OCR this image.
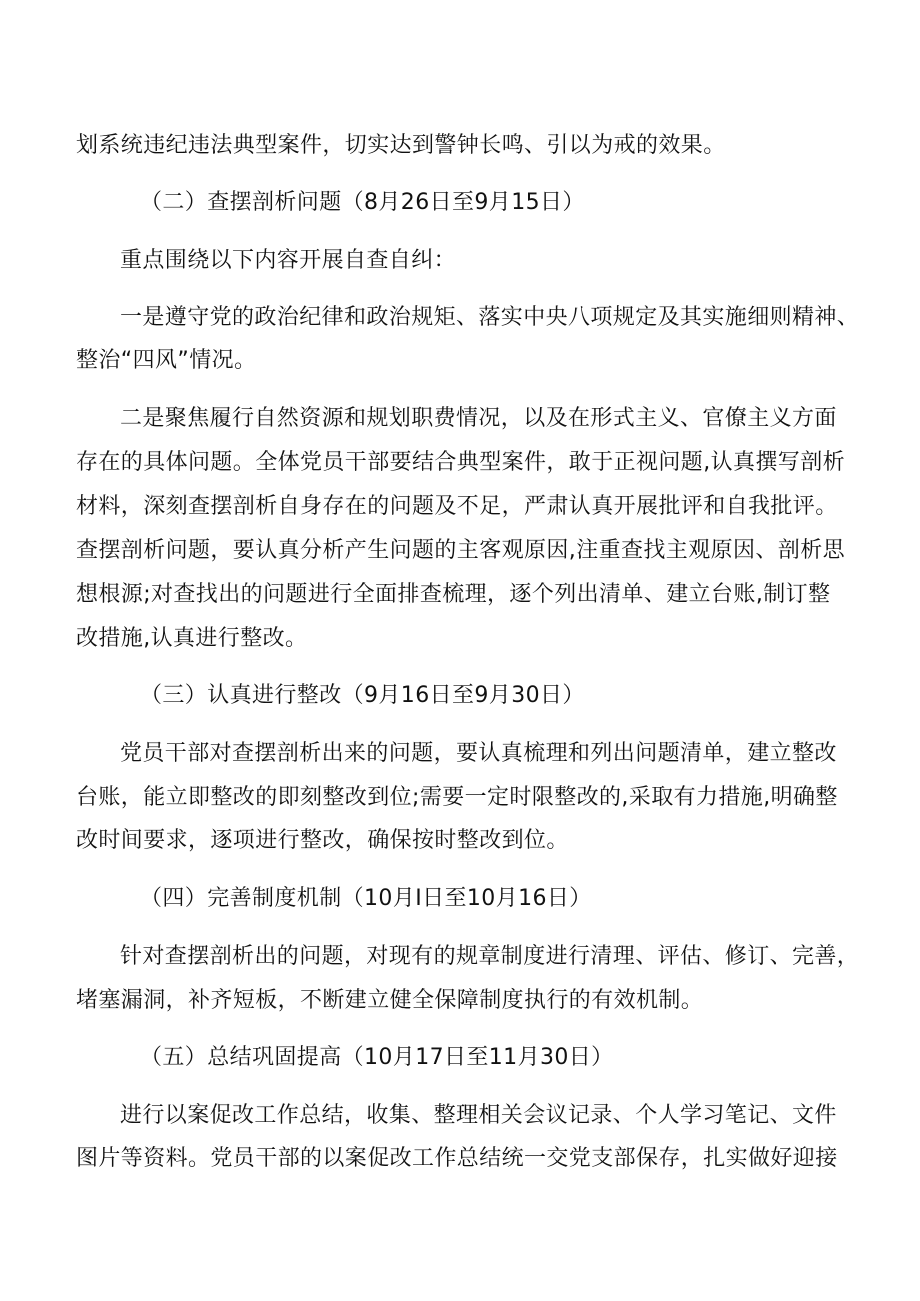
划系统违纪违法典型案件，切实达到警钟长鸣、引以为戒的效果。
（二）查摆剖析问题（8月26日至9月15日）
重点围绕以下内容开展自查自纠：
一是遵守党的政治纪律和政治规矩、落实中央八项规定及其实施细则精神、
整治“四风”情况。
二是聚焦履行自然资源和规划职费情况，以及在形式主义、官僚主义方面
存在的具体问题。全体党员干部要结合典型案件，敢于正视问题,认真撰写剖析
材料，深刻查摆剖析自身存在的问题及不足，严肃认真开展批评和自我批评。
查摆剖析问题，要认真分析产生问题的主客观原因,注重查找主观原因、剖析思
想根源;对查找出的问题进行全面排查梳理，逐个列出清单、建立台账,制订整
改措施,认真进行整改。
（三）认真进行整改（9月16日至9月30日）
党员干部对查摆剖析出来的问题，要认真梳理和列出问题清单，建立整改
台账，能立即整改的即刻整改到位;需要一定时限整改的,采取有力措施,明确整
改时间要求，逐项进行整改，确保按时整改到位。
（四）完善制度机制（10月I日至10月16日）
针对查摆剖析出的问题，对现有的规章制度进行清理、评估、修订、完善，
堵塞漏洞，补齐短板，不断建立健全保障制度执行的有效机制。
（五）总结巩固提高（10月17日至11月30日）
进行以案促改工作总结，收集、整理相关会议记录、个人学习笔记、文件
图片等资料。党员干部的以案促改工作总结统一交党支部保存，扎实做好迎接
